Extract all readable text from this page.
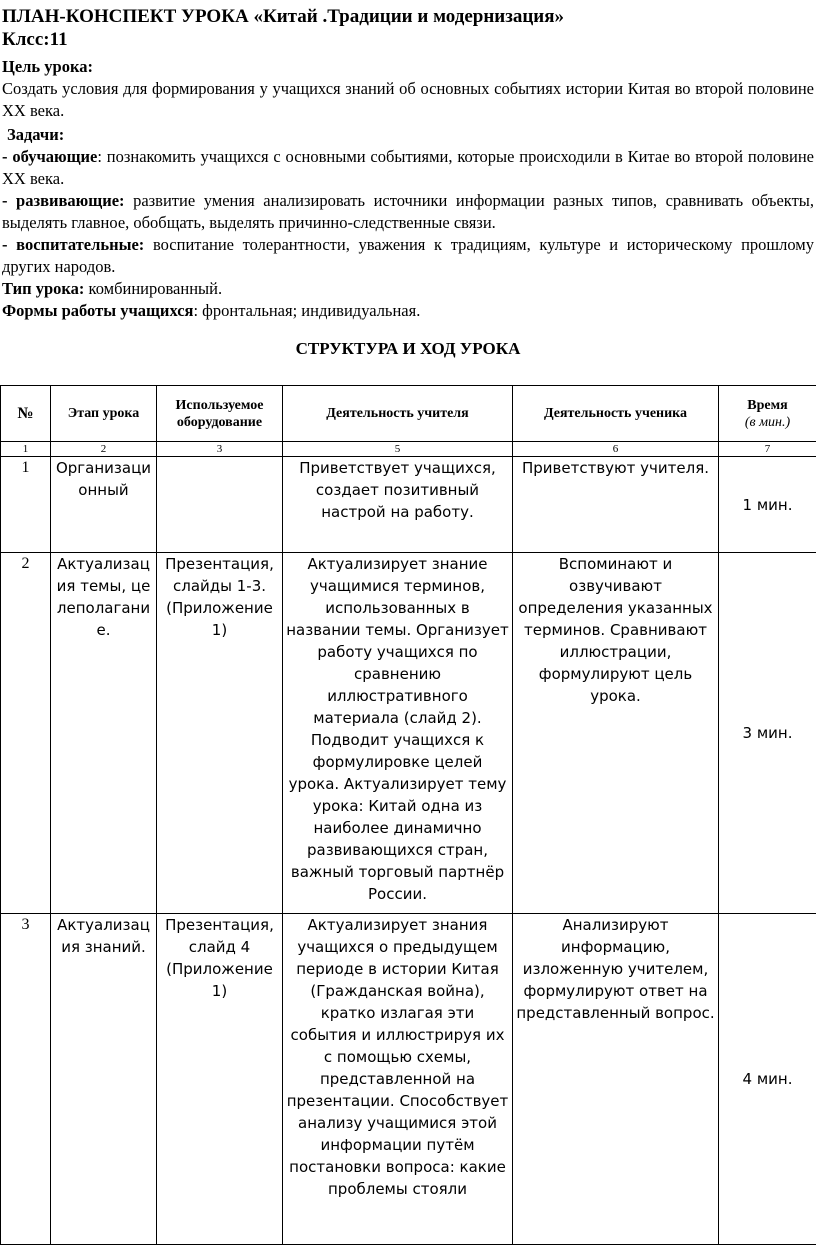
ПЛАН-КОНСПЕКТ УРОКА «Китай .Традиции и модернизация»
Клсс:11
Цель урока:
Создать условия для формирования у учащихся знаний об основных событиях истории Китая во второй половине XX века.
Задачи:
- обучающие: познакомить учащихся с основными событиями, которые происходили в Китае во второй половине XX века.
- развивающие: развитие умения анализировать источники информации разных типов, сравнивать объекты, выделять главное, обобщать, выделять причинно-следственные связи.
- воспитательные: воспитание толерантности, уважения к традициям, культуре и историческому прошлому других народов.
Тип урока: комбинированный.
Формы работы учащихся: фронтальная; индивидуальная.
СТРУКТУРА И ХОД УРОКА
№	Этап урока	Используемое оборудование	Деятельность учителя	Деятельность ученика	Время
(в мин.)
1	2	3	5	6	7
1	Организационный		Приветствует учащихся, создает позитивный настрой на работу.	Приветствуют учителя.	1 мин.
2	Актуализация темы, целеполагание.	Презентация, слайды 1-3. (Приложение 1)	Актуализирует знание учащимися терминов, использованных в названии темы. Организует работу учащихся по сравнению иллюстративного материала (слайд 2). Подводит учащихся к формулировке целей урока. Актуализирует тему урока: Китай одна из наиболее динамично развивающихся стран, важный торговый партнёр России.	Вспоминают и озвучивают определения указанных терминов. Сравнивают иллюстрации, формулируют цель урока.	3 мин.
3	Актуализация знаний.	Презентация, слайд 4 (Приложение 1)	Актуализирует знания учащихся о предыдущем периоде в истории Китая (Гражданская война), кратко излагая эти события и иллюстрируя их с помощью схемы, представленной на презентации. Способствует анализу учащимися этой информации путём постановки вопроса: какие проблемы стояли	Анализируют информацию, изложенную учителем, формулируют ответ на представленный вопрос.	4 мин.
